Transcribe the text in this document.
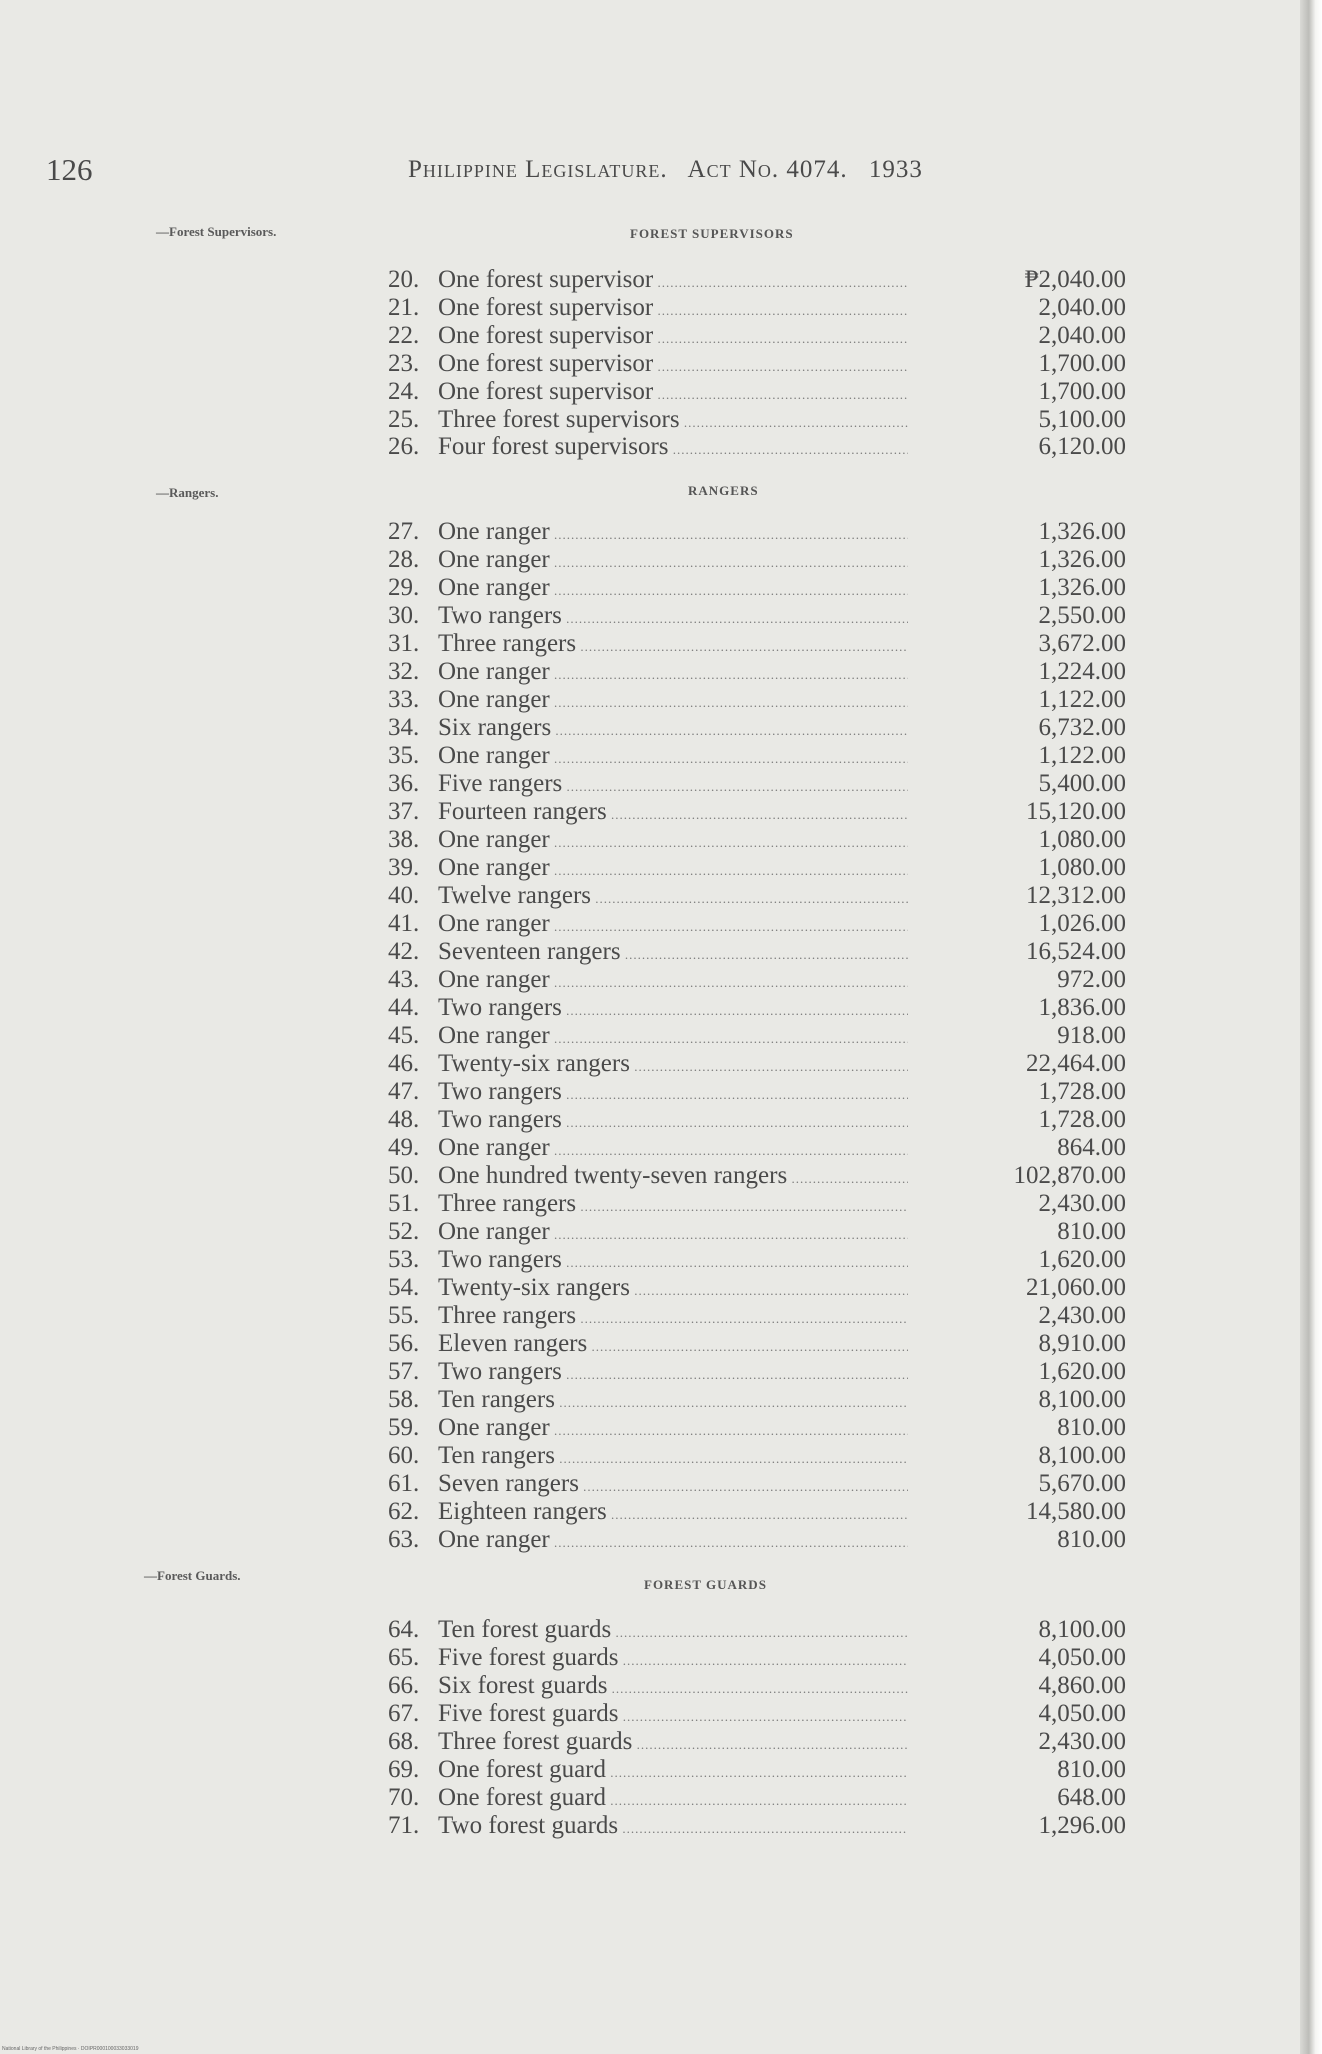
126	Philippine Legislature. Act No. 4074. 1933
—Forest Supervisors.	FOREST SUPERVISORS
20. One forest supervisor .....	₱2,040.00
21. One forest supervisor .....	2,040.00
22. One forest supervisor .....	2,040.00
23. One forest supervisor .....	1,700.00
24. One forest supervisor .....	1,700.00
25. Three forest supervisors .....	5,100.00
26. Four forest supervisors .....	6,120.00
—Rangers.	RANGERS
27. One ranger .....	1,326.00
28. One ranger .....	1,326.00
29. One ranger .....	1,326.00
30. Two rangers .....	2,550.00
31. Three rangers .....	3,672.00
32. One ranger .....	1,224.00
33. One ranger .....	1,122.00
34. Six rangers .....	6,732.00
35. One ranger .....	1,122.00
36. Five rangers .....	5,400.00
37. Fourteen rangers .....	15,120.00
38. One ranger .....	1,080.00
39. One ranger .....	1,080.00
40. Twelve rangers .....	12,312.00
41. One ranger .....	1,026.00
42. Seventeen rangers .....	16,524.00
43. One ranger .....	972.00
44. Two rangers .....	1,836.00
45. One ranger .....	918.00
46. Twenty-six rangers .....	22,464.00
47. Two rangers .....	1,728.00
48. Two rangers .....	1,728.00
49. One ranger .....	864.00
50. One hundred twenty-seven rangers .....	102,870.00
51. Three rangers .....	2,430.00
52. One ranger .....	810.00
53. Two rangers .....	1,620.00
54. Twenty-six rangers .....	21,060.00
55. Three rangers .....	2,430.00
56. Eleven rangers .....	8,910.00
57. Two rangers .....	1,620.00
58. Ten rangers .....	8,100.00
59. One ranger .....	810.00
60. Ten rangers .....	8,100.00
61. Seven rangers .....	5,670.00
62. Eighteen rangers .....	14,580.00
63. One ranger .....	810.00
—Forest Guards.
FOREST GUARDS
64. Ten forest guards .....	8,100.00
65. Five forest guards .....	4,050.00
66. Six forest guards .....	4,860.00
67. Five forest guards .....	4,050.00
68. Three forest guards .....	2,430.00
69. One forest guard .....	810.00
70. One forest guard .....	648.00
71. Two forest guards .....	1,296.00
National Library of the Philippines · DOIPR000100033033019
